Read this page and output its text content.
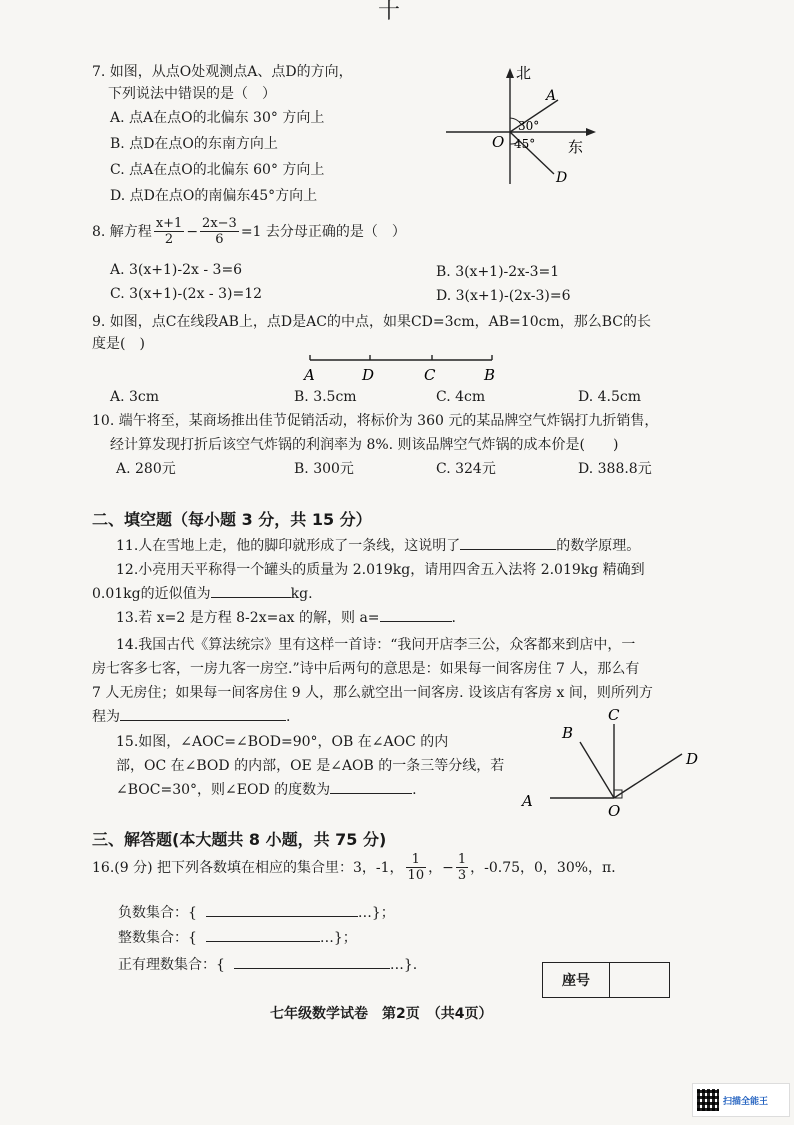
十
7. 如图，从点O处观测点A、点D的方向，
下列说法中错误的是（　）
A. 点A在点O的北偏东 30° 方向上
B. 点D在点O的东南方向上
C. 点A在点O的北偏东 60° 方向上
D. 点D在点O的南偏东45°方向上
北
东
O
A
D
30°
45°
8. 解方程 $\frac{x+1}{2} - \frac{2x-3}{6} =1$ 去分母正确的是（　）
A. 3(x+1)-2x - 3=6	B. 3(x+1)-2x-3=1
C. 3(x+1)-(2x - 3)=12	D. 3(x+1)-(2x-3)=6
9. 如图，点C在线段AB上，点D是AC的中点，如果CD=3cm，AB=10cm，那么BC的长
度是(　)
A	D	C	B
A. 3cm	B. 3.5cm	C. 4cm	D. 4.5cm
10. 端午将至，某商场推出佳节促销活动，将标价为 360 元的某品牌空气炸锅打九折销售，
经计算发现打折后该空气炸锅的利润率为 8%. 则该品牌空气炸锅的成本价是(　　)
A. 280元	B. 300元	C. 324元	D. 388.8元
二、填空题（每小题 3 分，共 15 分）
11.人在雪地上走，他的脚印就形成了一条线，这说明了	的数学原理。
12.小亮用天平称得一个罐头的质量为 2.019kg，请用四舍五入法将 2.019kg 精确到
0.01kg的近似值为	kg.
13.若 x=2 是方程 8-2x=ax 的解，则 a=	.
14.我国古代《算法统宗》里有这样一首诗：“我问开店李三公，众客都来到店中，一
房七客多七客，一房九客一房空.”诗中后两句的意思是：如果每一间客房住 7 人，那么有
7 人无房住；如果每一间客房住 9 人，那么就空出一间客房. 设该店有客房 x 间，则所列方
程为	.
15.如图，∠AOC=∠BOD=90°，OB 在∠AOC 的内
部，OC 在∠BOD 的内部，OE 是∠AOB 的一条三等分线，若
∠BOC=30°，则∠EOD 的度数为	.
B
C
D
A
O
三、解答题(本大题共 8 小题，共 75 分)
16.(9 分) 把下列各数填在相应的集合里：3，-1， $\frac{1}{10}$ ， − $\frac{1}{3}$ ，-0.75，0，30%，π．
负数集合：{	…}；
整数集合：{	…}；
正有理数集合：{	…}.
座号
七年级数学试卷　第2页　（共4页）
扫描全能王
